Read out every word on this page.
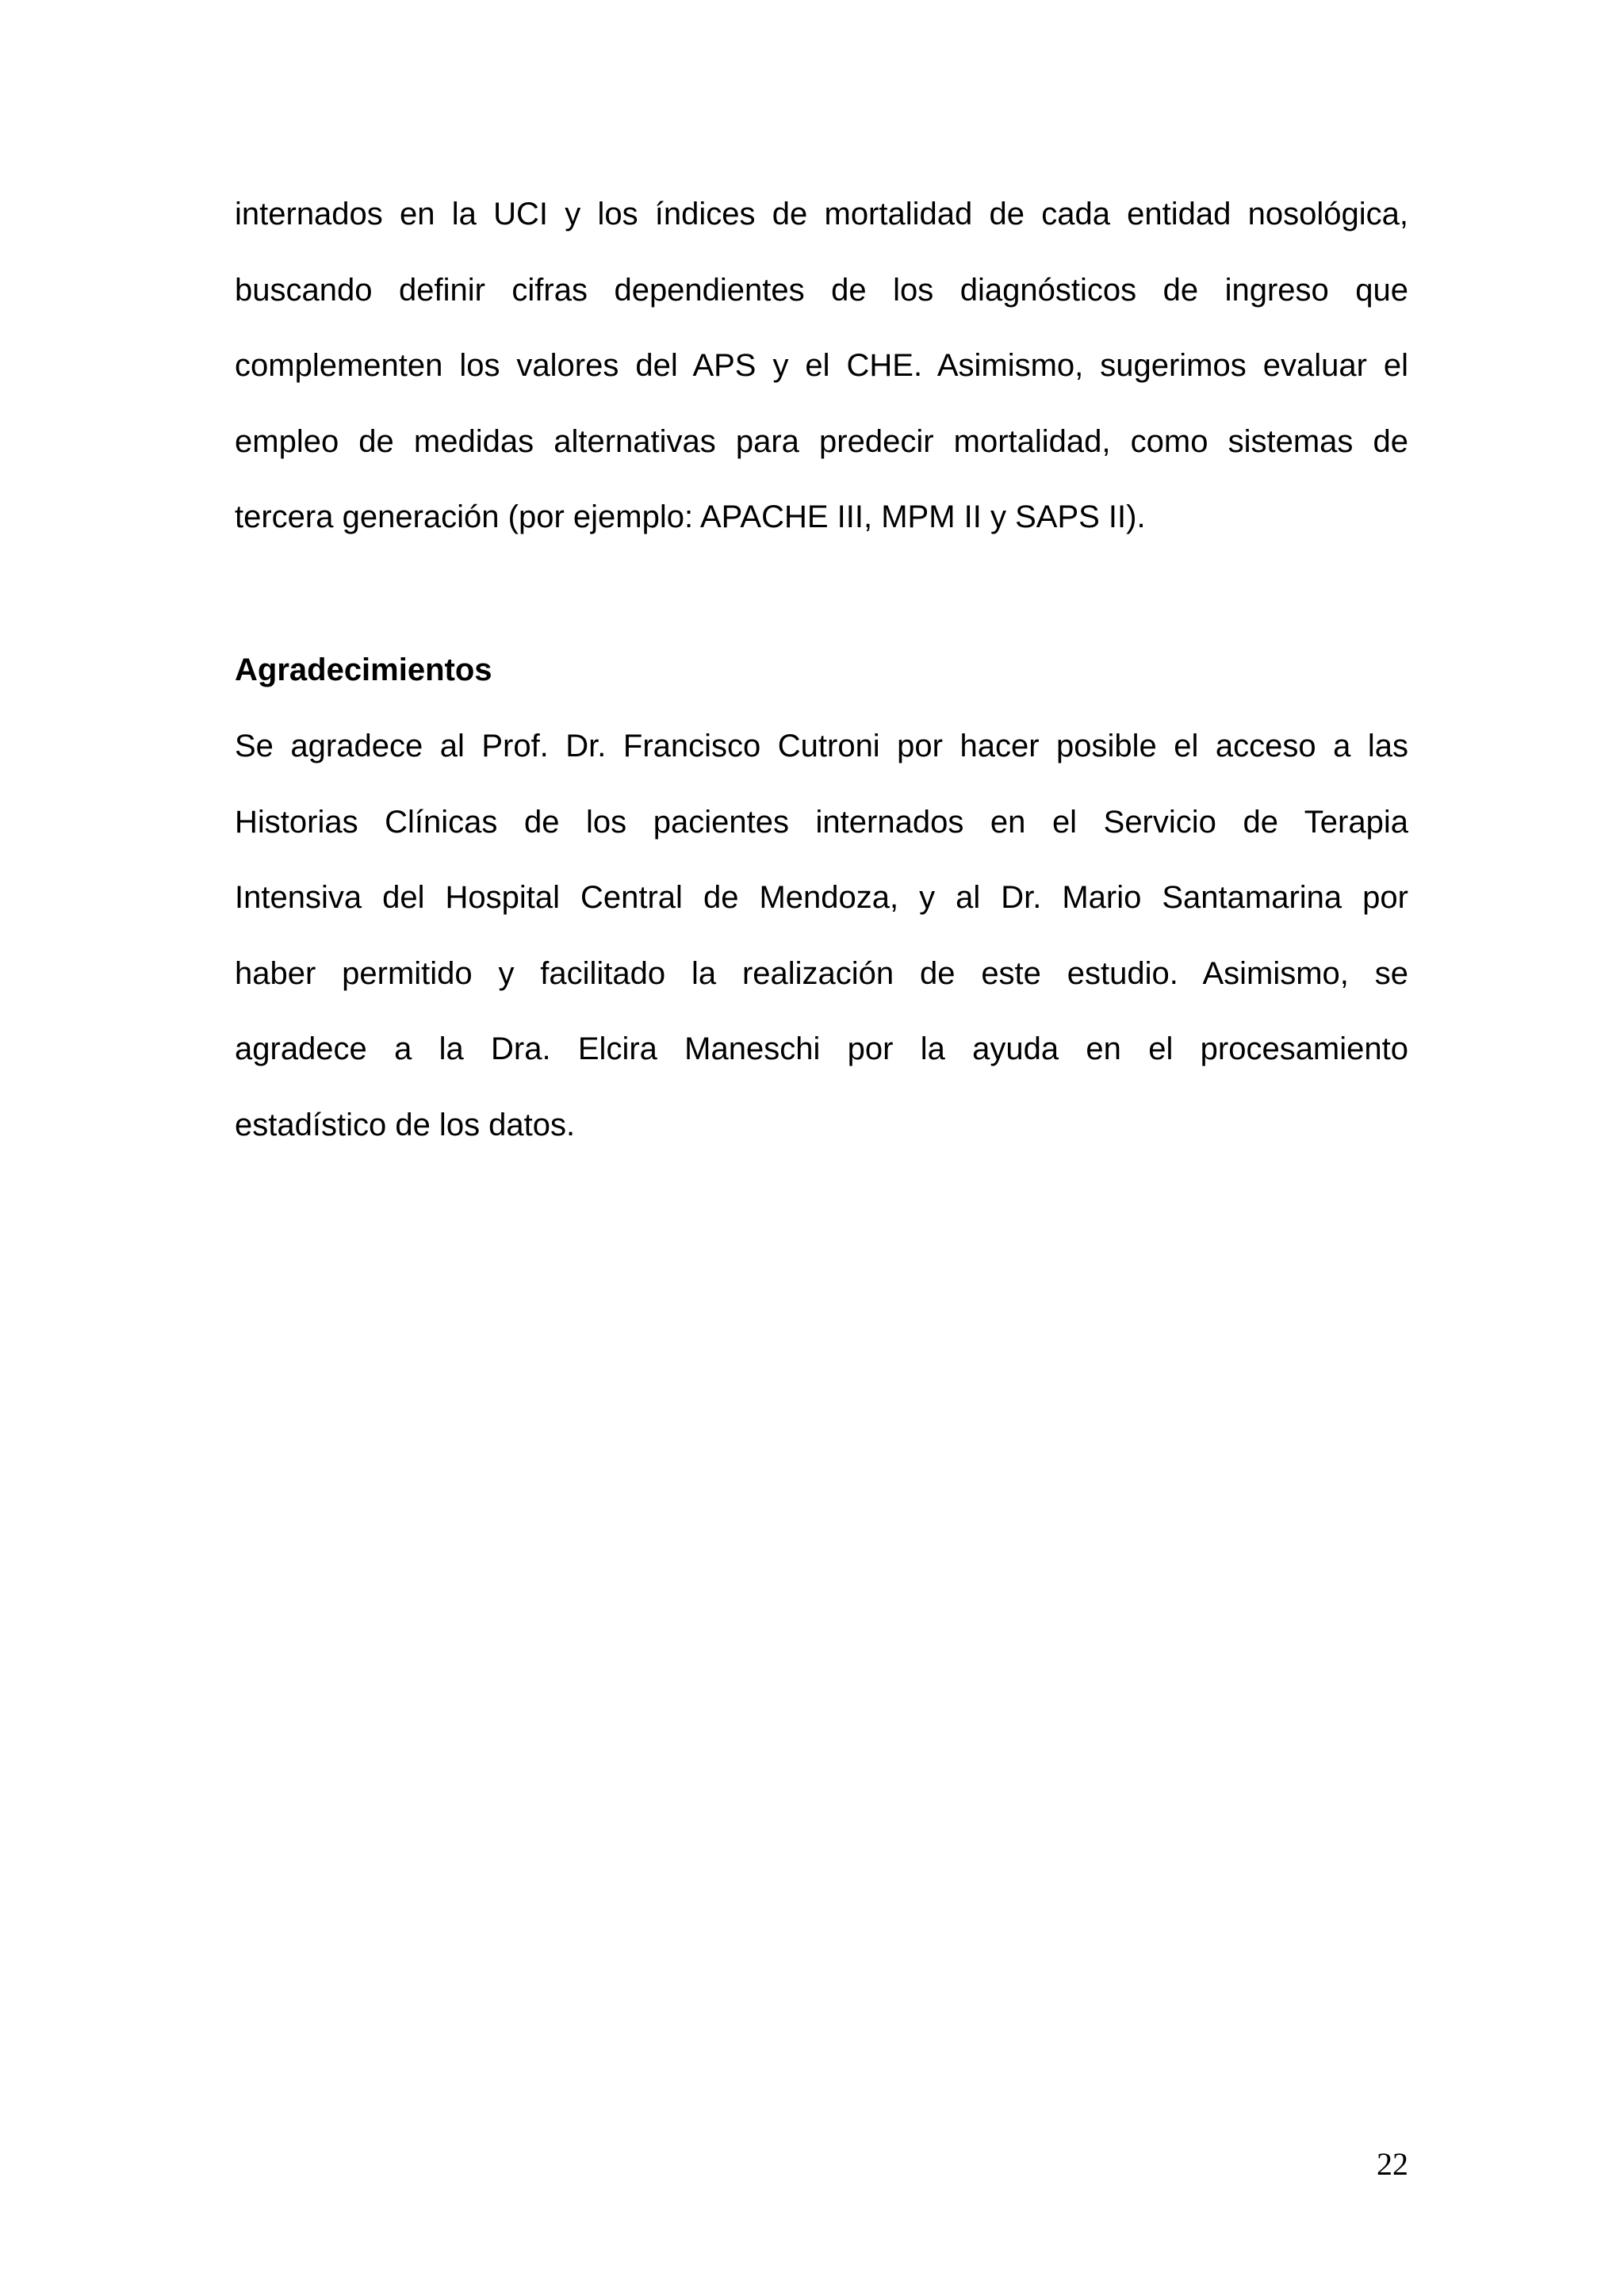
internados en la UCI y los índices de mortalidad de cada entidad nosológica,
buscando definir cifras dependientes de los diagnósticos de ingreso que
complementen los valores del APS y el CHE. Asimismo, sugerimos evaluar el
empleo de medidas alternativas para predecir mortalidad, como sistemas de
tercera generación (por ejemplo: APACHE III, MPM II y SAPS II).
Agradecimientos
Se agradece al Prof. Dr. Francisco Cutroni por hacer posible el acceso a las
Historias Clínicas de los pacientes internados en el Servicio de Terapia
Intensiva del Hospital Central de Mendoza, y al Dr. Mario Santamarina por
haber permitido y facilitado la realización de este estudio. Asimismo, se
agradece a la Dra. Elcira Maneschi por la ayuda en el procesamiento
estadístico de los datos.
22
